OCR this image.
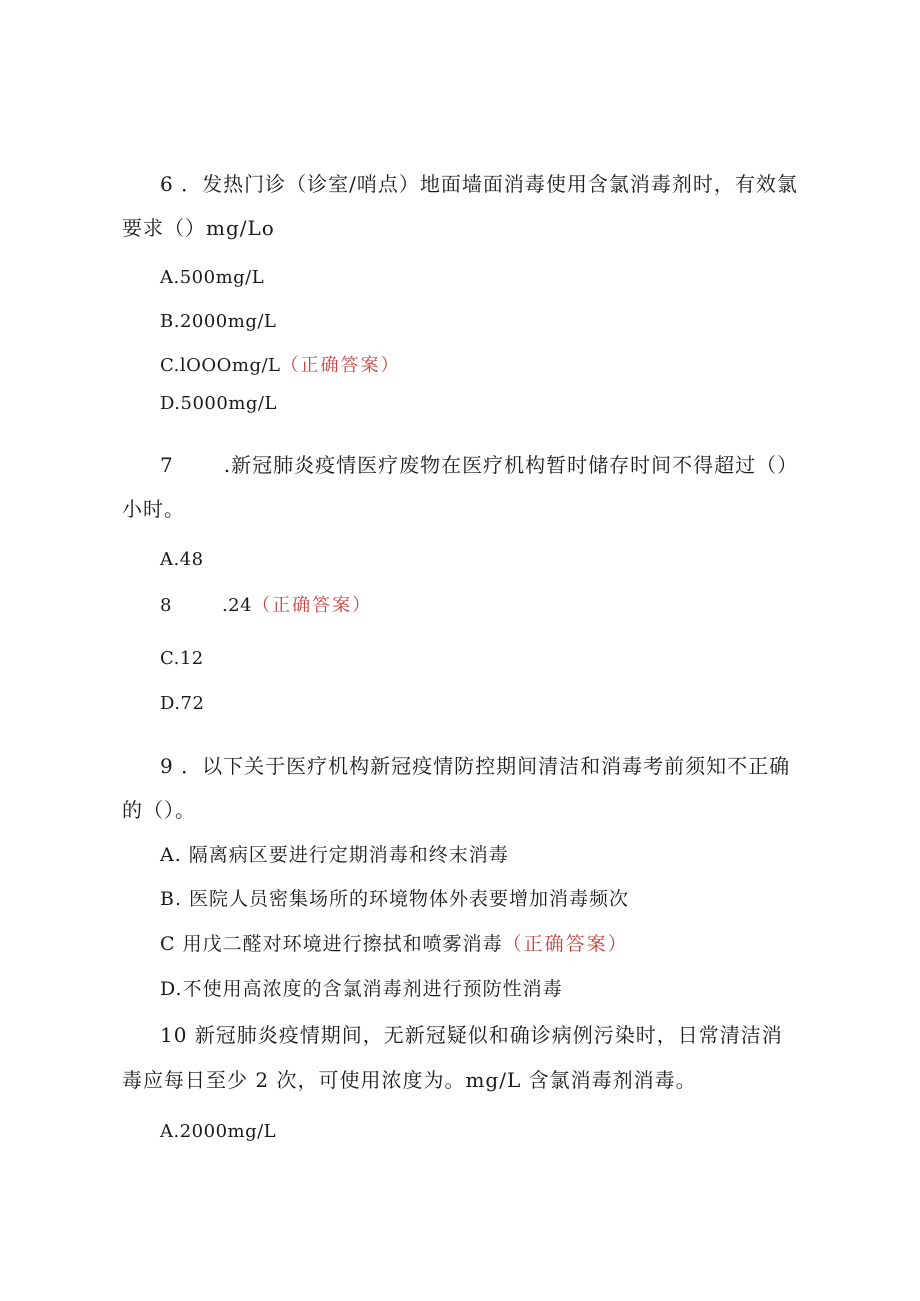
6 ．发热门诊（诊室/哨点）地面墙面消毒使用含氯消毒剂时，有效氯
要求（）mg/Lo
A.500mg/L
B.2000mg/L
C.lOOOmg/L（正确答案）
D.5000mg/L
7	.新冠肺炎疫情医疗废物在医疗机构暂时储存时间不得超过（）
小时。
A.48
8	.24（正确答案）
C.12
D.72
9 ．以下关于医疗机构新冠疫情防控期间清洁和消毒考前须知不正确
的（）。
A. 隔离病区要进行定期消毒和终末消毒
B. 医院人员密集场所的环境物体外表要增加消毒频次
C 用戊二醛对环境进行擦拭和喷雾消毒（正确答案）
D.不使用高浓度的含氯消毒剂进行预防性消毒
10 新冠肺炎疫情期间，无新冠疑似和确诊病例污染时，日常清洁消
毒应每日至少 2 次，可使用浓度为。mg/L 含氯消毒剂消毒。
A.2000mg/L
